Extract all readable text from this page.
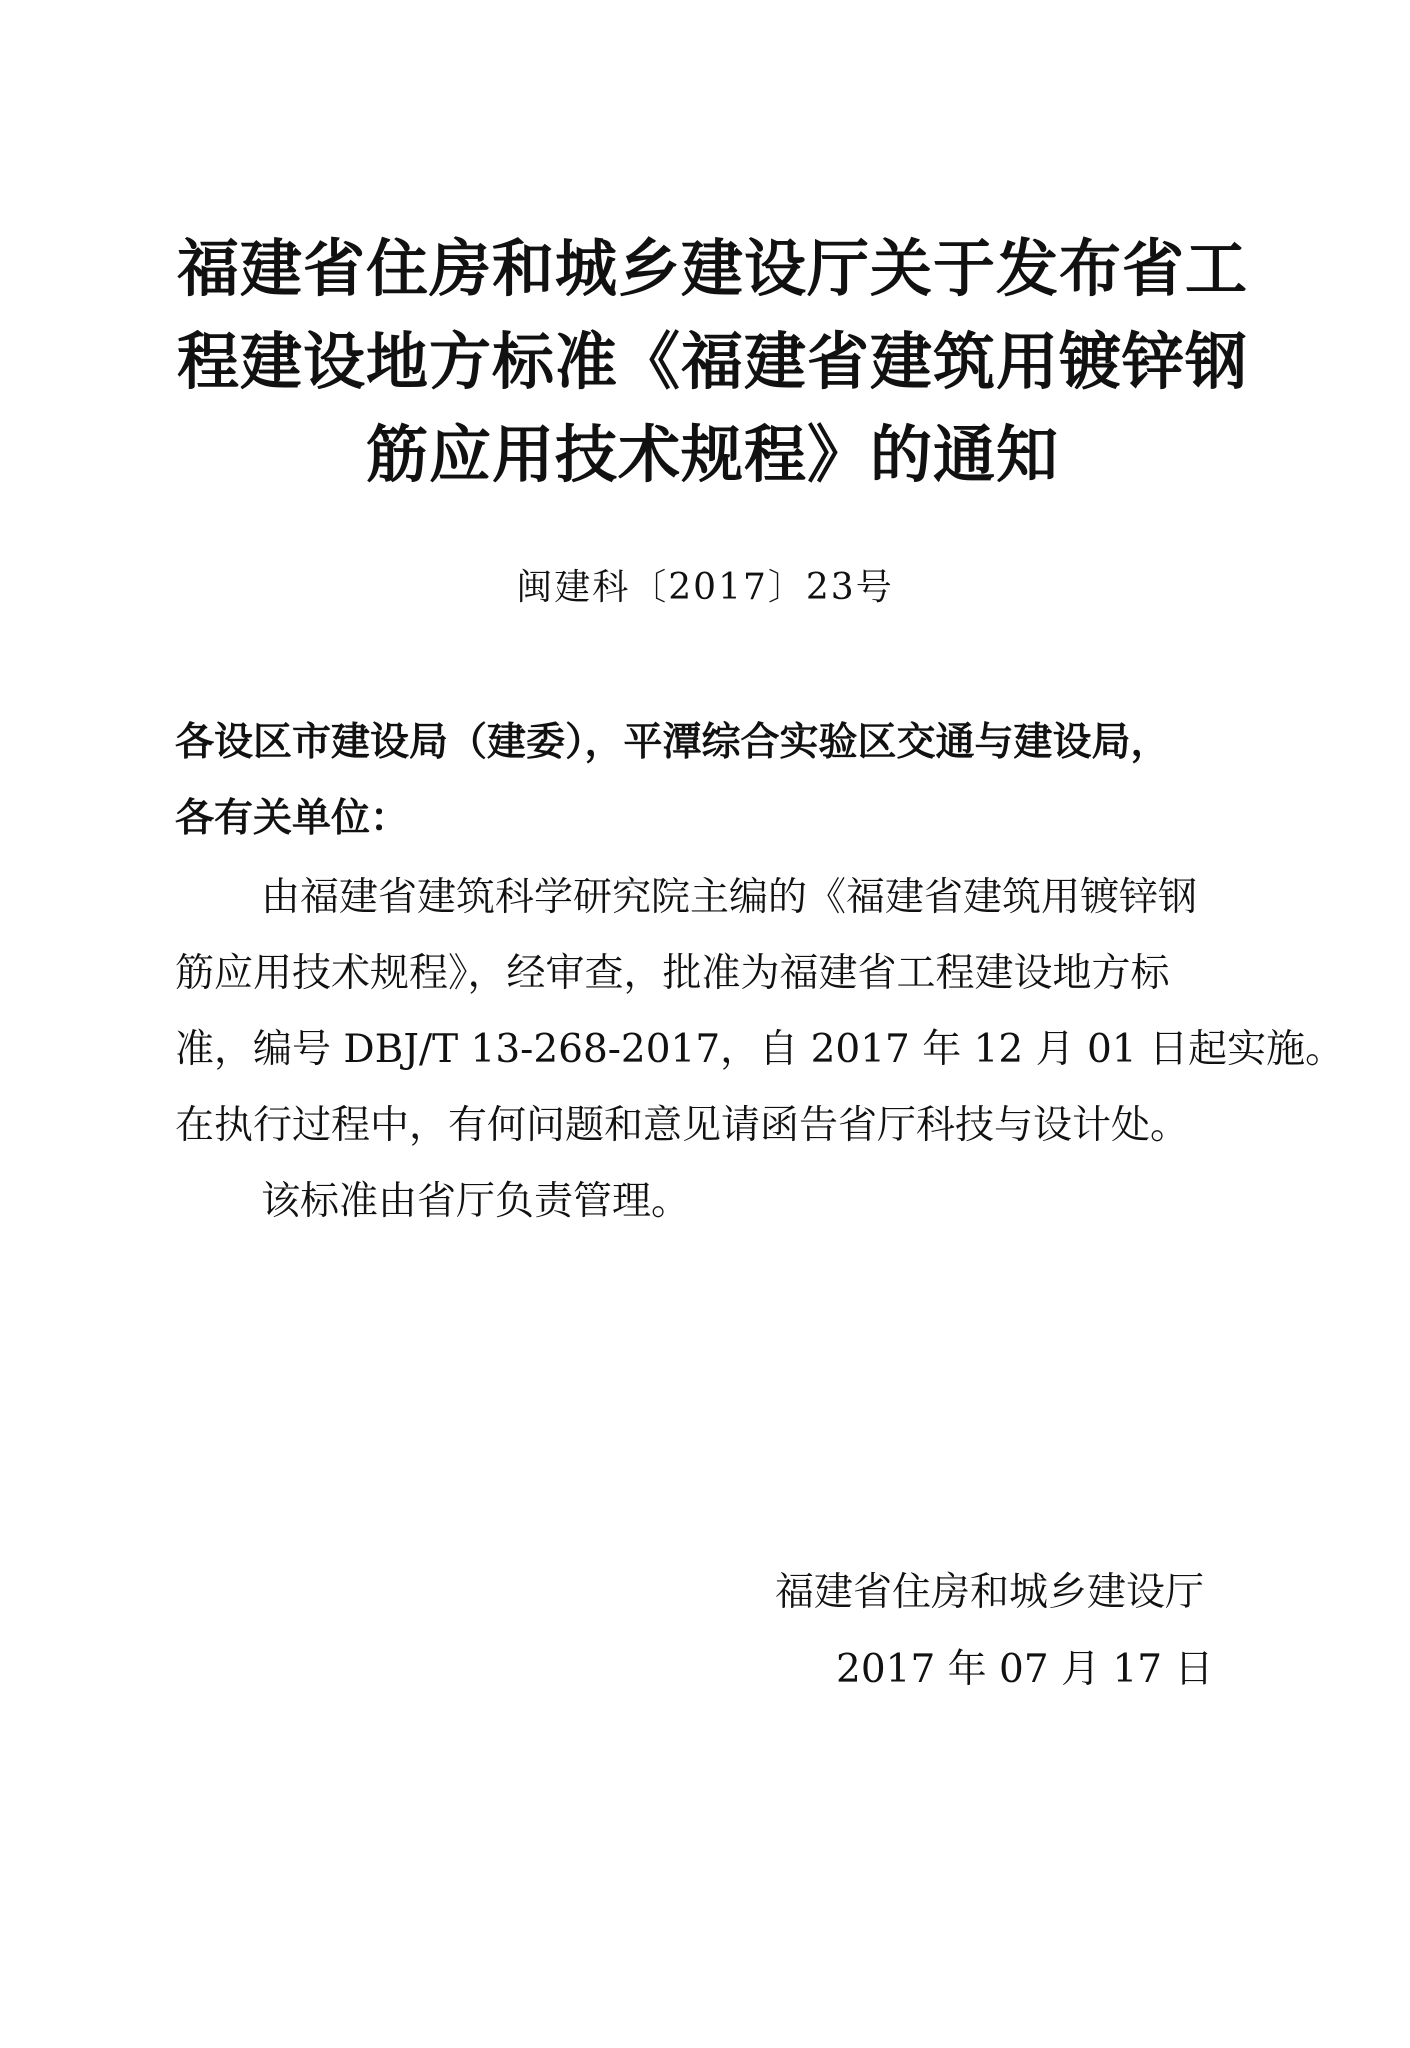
福建省住房和城乡建设厅关于发布省工
程建设地方标准《福建省建筑用镀锌钢
筋应用技术规程》的通知
闽建科〔2017〕23号
各设区市建设局（建委），平潭综合实验区交通与建设局，
各有关单位：
由福建省建筑科学研究院主编的《福建省建筑用镀锌钢
筋应用技术规程》，经审查，批准为福建省工程建设地方标
准，编号 DBJ/T 13-268-2017，自 2017 年 12 月 01 日起实施。
在执行过程中，有何问题和意见请函告省厅科技与设计处。
该标准由省厅负责管理。
福建省住房和城乡建设厅
2017 年 07 月 17 日
